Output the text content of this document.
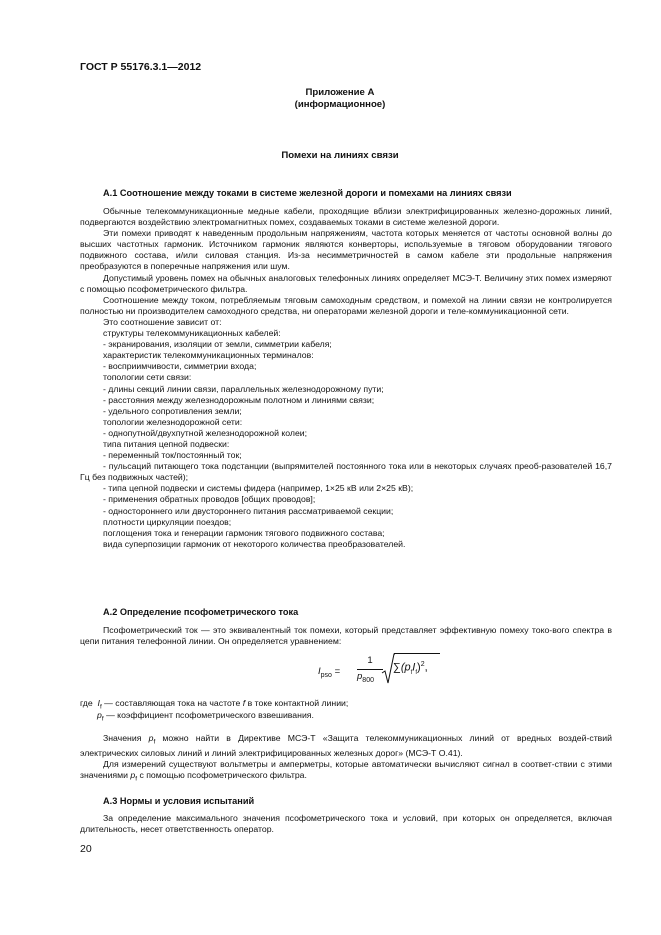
ГОСТ Р 55176.3.1—2012
Приложение А
(информационное)
Помехи на линиях связи
А.1 Соотношение между токами в системе железной дороги и помехами на линиях связи

Обычные телекоммуникационные медные кабели, проходящие вблизи электрифицированных железно-дорожных линий, подвергаются воздействию электромагнитных помех, создаваемых токами в системе железной дороги.

Эти помехи приводят к наведенным продольным напряжениям, частота которых меняется от частоты основной волны до высших частотных гармоник. Источником гармоник являются конверторы, используемые в тяговом оборудовании тягового подвижного состава, и/или силовая станция. Из-за несимметричностей в самом кабеле эти продольные напряжения преобразуются в поперечные напряжения или шум.

Допустимый уровень помех на обычных аналоговых телефонных линиях определяет МСЭ-Т. Величину этих помех измеряют с помощью псофометрического фильтра.

Соотношение между током, потребляемым тяговым самоходным средством, и помехой на линии связи не контролируется полностью ни производителем самоходного средства, ни операторами железной дороги и теле-коммуникационной сети.

Это соотношение зависит от:

структуры телекоммуникационных кабелей:

- экранирования, изоляции от земли, симметрии кабеля;

характеристик телекоммуникационных терминалов:

- восприимчивости, симметрии входа;

топологии сети связи:

- длины секций линии связи, параллельных железнодорожному пути;

- расстояния между железнодорожным полотном и линиями связи;

- удельного сопротивления земли;

топологии железнодорожной сети:

- однопутной/двухпутной железнодорожной колеи;

типа питания цепной подвески:

- переменный ток/постоянный ток;

- пульсаций питающего тока подстанции (выпрямителей постоянного тока или в некоторых случаях преоб-разователей 16,7 Гц без подвижных частей);

- типа цепной подвески и системы фидера (например, 1×25 кВ или 2×25 кВ);

- применения обратных проводов [общих проводов];

- одностороннего или двустороннего питания рассматриваемой секции;

плотности циркуляции поездов;

поглощения тока и генерации гармоник тягового подвижного состава;

вида суперпозиции гармоник от некоторого количества преобразователей.

А.2 Определение псофометрического тока

Псофометрический ток — это эквивалентный ток помехи, который представляет эффективную помеху токо-вого спектра в цепи питания телефонной линии. Он определяется уравнением:

$I_{pso}$ =
1
$p_{800}$
$\sum(p_fI_f)^2$,
где $I_f$ — составляющая тока на частоте f в токе контактной линии;
$p_f$ — коэффициент псофометрического взвешивания.

Значения $p_f$ можно найти в Директиве МСЭ-Т «Защита телекоммуникационных линий от вредных воздей-ствий электрических силовых линий и линий электрифицированных железных дорог» (МСЭ-Т О.41).

Для измерений существуют вольтметры и амперметры, которые автоматически вычисляют сигнал в соответ-ствии с этими значениями $p_f$ с помощью псофометрического фильтра.

А.3 Нормы и условия испытаний

За определение максимального значения псофометрического тока и условий, при которых он определяется, включая длительность, несет ответственность оператор.

20
